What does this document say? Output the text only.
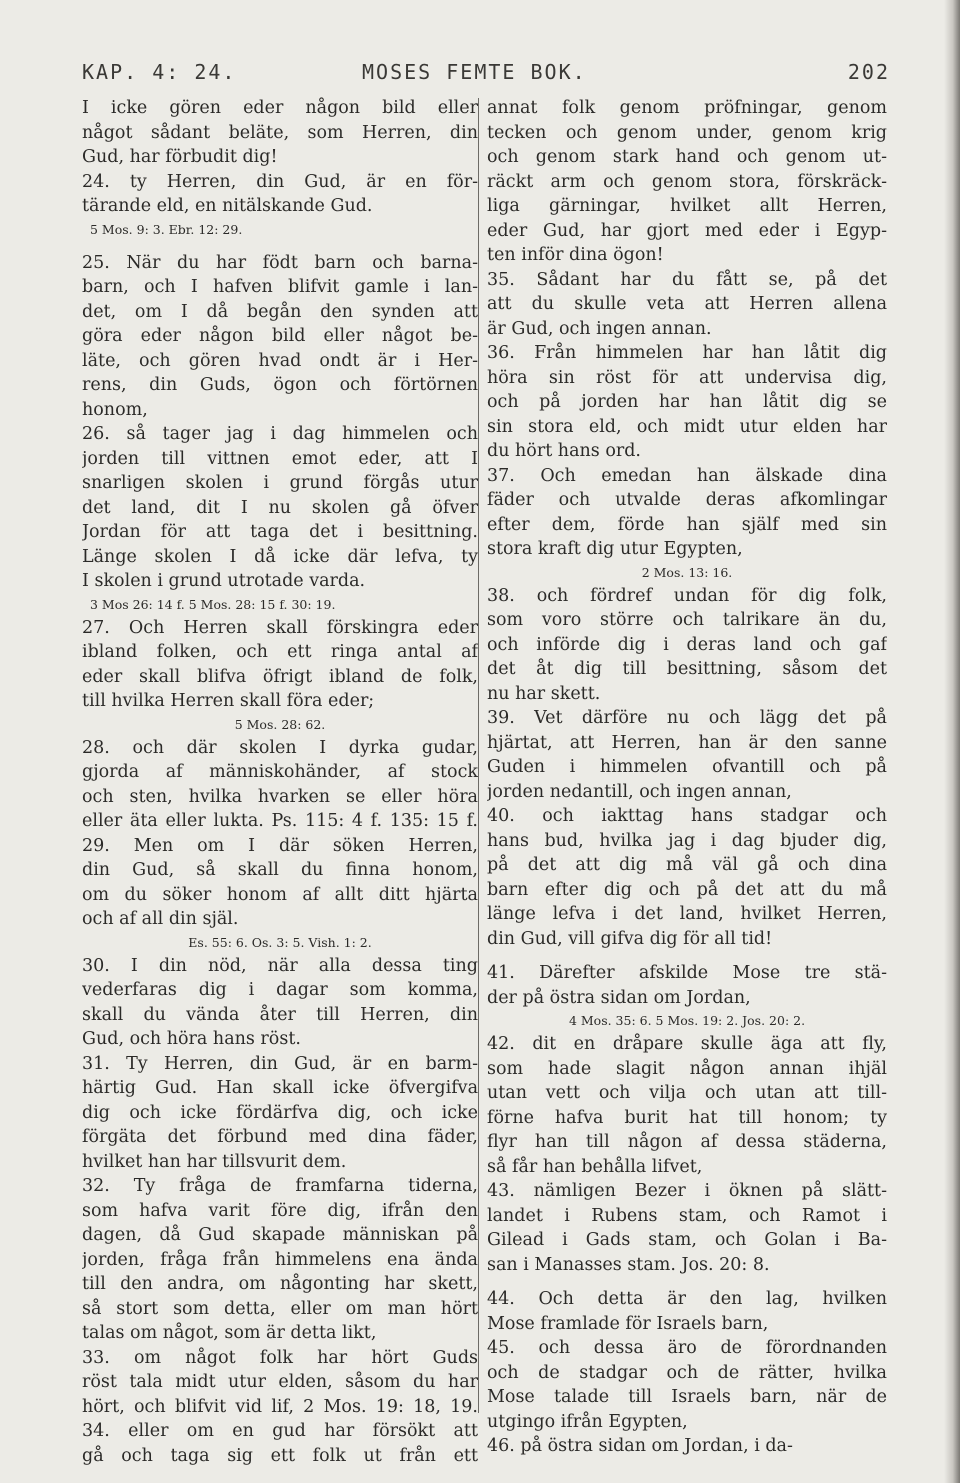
KAP. 4: 24.	MOSES FEMTE BOK.	202
I icke gören eder någon bild eller
något sådant beläte, som Herren, din
Gud, har förbudit dig!
24. ty Herren, din Gud, är en för-
tärande eld, en nitälskande Gud.
5 Mos. 9: 3. Ebr. 12: 29.
25. När du har födt barn och barna-
barn, och I hafven blifvit gamle i lan-
det, om I då begån den synden att
göra eder någon bild eller något be-
läte, och gören hvad ondt är i Her-
rens, din Guds, ögon och förtörnen
honom,
26. så tager jag i dag himmelen och
jorden till vittnen emot eder, att I
snarligen skolen i grund förgås utur
det land, dit I nu skolen gå öfver
Jordan för att taga det i besittning.
Länge skolen I då icke där lefva, ty
I skolen i grund utrotade varda.
3 Mos 26: 14 f. 5 Mos. 28: 15 f. 30: 19.
27. Och Herren skall förskingra eder
ibland folken, och ett ringa antal af
eder skall blifva öfrigt ibland de folk,
till hvilka Herren skall föra eder;
5 Mos. 28: 62.
28. och där skolen I dyrka gudar,
gjorda af människohänder, af stock
och sten, hvilka hvarken se eller höra
eller äta eller lukta. Ps. 115: 4 f. 135: 15 f.
29. Men om I där söken Herren,
din Gud, så skall du finna honom,
om du söker honom af allt ditt hjärta
och af all din själ.
Es. 55: 6. Os. 3: 5. Vish. 1: 2.
30. I din nöd, när alla dessa ting
vederfaras dig i dagar som komma,
skall du vända åter till Herren, din
Gud, och höra hans röst.
31. Ty Herren, din Gud, är en barm-
härtig Gud. Han skall icke öfvergifva
dig och icke fördärfva dig, och icke
förgäta det förbund med dina fäder,
hvilket han har tillsvurit dem.
32. Ty fråga de framfarna tiderna,
som hafva varit före dig, ifrån den
dagen, då Gud skapade människan på
jorden, fråga från himmelens ena ända
till den andra, om någonting har skett,
så stort som detta, eller om man hört
talas om något, som är detta likt,
33. om något folk har hört Guds
röst tala midt utur elden, såsom du har
hört, och blifvit vid lif, 2 Mos. 19: 18, 19.
34. eller om en gud har försökt att
gå och taga sig ett folk ut från ett
annat folk genom pröfningar, genom
tecken och genom under, genom krig
och genom stark hand och genom ut-
räckt arm och genom stora, förskräck-
liga gärningar, hvilket allt Herren,
eder Gud, har gjort med eder i Egyp-
ten inför dina ögon!
35. Sådant har du fått se, på det
att du skulle veta att Herren allena
är Gud, och ingen annan.
36. Från himmelen har han låtit dig
höra sin röst för att undervisa dig,
och på jorden har han låtit dig se
sin stora eld, och midt utur elden har
du hört hans ord.
37. Och emedan han älskade dina
fäder och utvalde deras afkomlingar
efter dem, förde han själf med sin
stora kraft dig utur Egypten,
2 Mos. 13: 16.
38. och fördref undan för dig folk,
som voro större och talrikare än du,
och införde dig i deras land och gaf
det åt dig till besittning, såsom det
nu har skett.
39. Vet därföre nu och lägg det på
hjärtat, att Herren, han är den sanne
Guden i himmelen ofvantill och på
jorden nedantill, och ingen annan,
40. och iakttag hans stadgar och
hans bud, hvilka jag i dag bjuder dig,
på det att dig må väl gå och dina
barn efter dig och på det att du må
länge lefva i det land, hvilket Herren,
din Gud, vill gifva dig för all tid!
41. Därefter afskilde Mose tre stä-
der på östra sidan om Jordan,
4 Mos. 35: 6. 5 Mos. 19: 2. Jos. 20: 2.
42. dit en dråpare skulle äga att fly,
som hade slagit någon annan ihjäl
utan vett och vilja och utan att till-
förne hafva burit hat till honom; ty
flyr han till någon af dessa städerna,
så får han behålla lifvet,
43. nämligen Bezer i öknen på slätt-
landet i Rubens stam, och Ramot i
Gilead i Gads stam, och Golan i Ba-
san i Manasses stam. Jos. 20: 8.
44. Och detta är den lag, hvilken
Mose framlade för Israels barn,
45. och dessa äro de förordnanden
och de stadgar och de rätter, hvilka
Mose talade till Israels barn, när de
utgingo ifrån Egypten,
46. på östra sidan om Jordan, i da-
